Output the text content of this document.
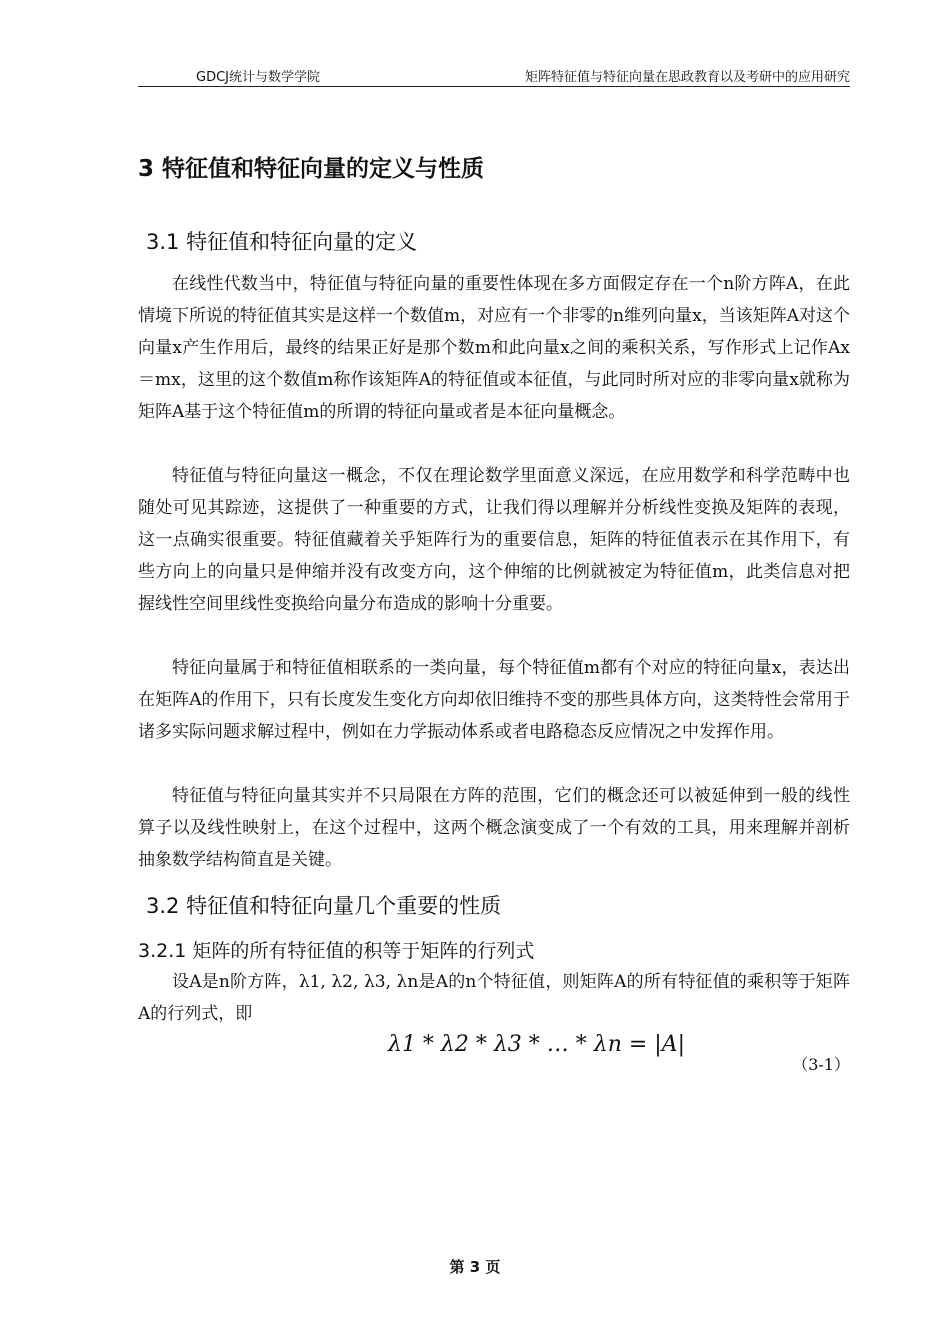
GDCJ统计与数学学院	矩阵特征值与特征向量在思政教育以及考研中的应用研究
3 特征值和特征向量的定义与性质
3.1 特征值和特征向量的定义

在线性代数当中，特征值与特征向量的重要性体现在多方面假定存在一个n阶方阵A，在此情境下所说的特征值其实是这样一个数值m，对应有一个非零的n维列向量x，当该矩阵A对这个向量x产生作用后，最终的结果正好是那个数m和此向量x之间的乘积关系，写作形式上记作Ax＝mx，这里的这个数值m称作该矩阵A的特征值或本征值，与此同时所对应的非零向量x就称为矩阵A基于这个特征值m的所谓的特征向量或者是本征向量概念。

特征值与特征向量这一概念，不仅在理论数学里面意义深远，在应用数学和科学范畴中也随处可见其踪迹，这提供了一种重要的方式，让我们得以理解并分析线性变换及矩阵的表现，这一点确实很重要。特征值藏着关乎矩阵行为的重要信息，矩阵的特征值表示在其作用下，有些方向上的向量只是伸缩并没有改变方向，这个伸缩的比例就被定为特征值m，此类信息对把握线性空间里线性变换给向量分布造成的影响十分重要。

特征向量属于和特征值相联系的一类向量，每个特征值m都有个对应的特征向量x，表达出在矩阵A的作用下，只有长度发生变化方向却依旧维持不变的那些具体方向，这类特性会常用于诸多实际问题求解过程中，例如在力学振动体系或者电路稳态反应情况之中发挥作用。

特征值与特征向量其实并不只局限在方阵的范围，它们的概念还可以被延伸到一般的线性算子以及线性映射上，在这个过程中，这两个概念演变成了一个有效的工具，用来理解并剖析抽象数学结构简直是关键。

3.2 特征值和特征向量几个重要的性质
3.2.1 矩阵的所有特征值的积等于矩阵的行列式

设A是n阶方阵，λ1, λ2, λ3, λn是A的n个特征值，则矩阵A的所有特征值的乘积等于矩阵A的行列式，即

λ1 * λ2 * λ3 * … * λn = |A|
（3-1）
第 3 页
